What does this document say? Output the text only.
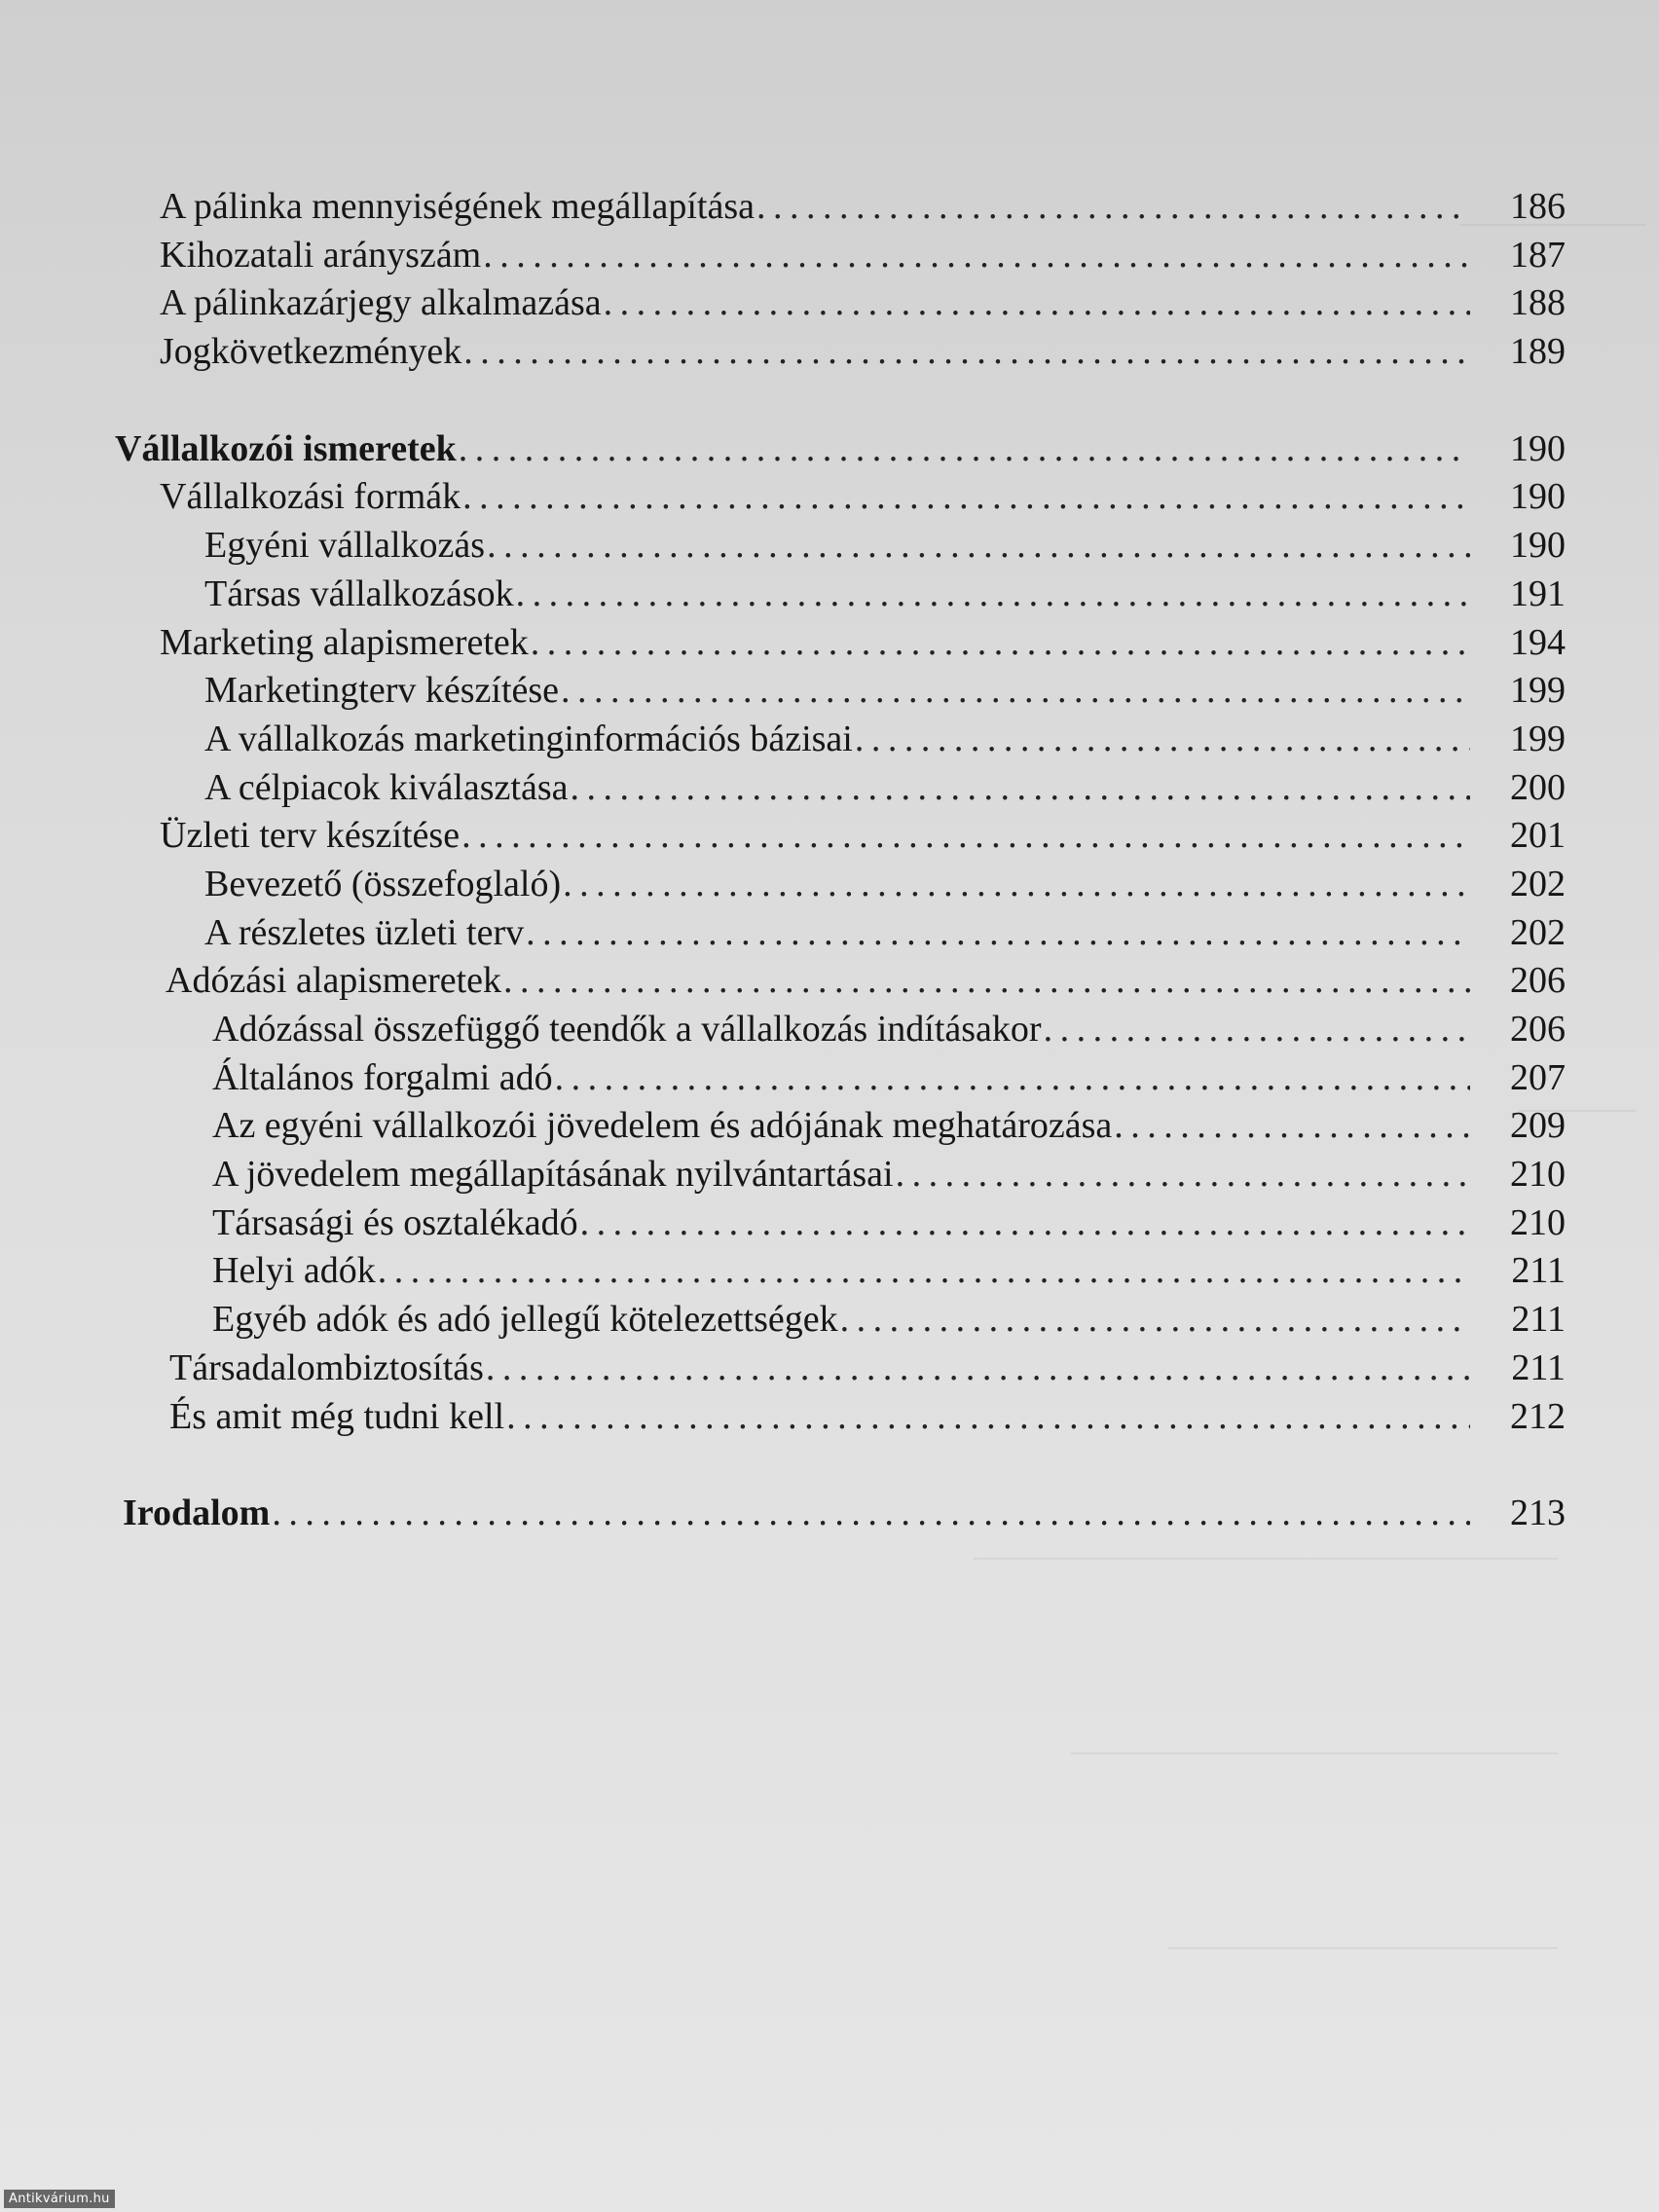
A pálinka mennyiségének megállapítása . . .	186
Kihozatali arányszám . . .	187
A pálinkazárjegy alkalmazása . . .	188
Jogkövetkezmények . . .	189
Vállalkozói ismeretek . . .	190
Vállalkozási formák . . .	190
Egyéni vállalkozás . . .	190
Társas vállalkozások . . .	191
Marketing alapismeretek . . .	194
Marketingterv készítése . . .	199
A vállalkozás marketinginformációs bázisai . . .	199
A célpiacok kiválasztása . . .	200
Üzleti terv készítése . . .	201
Bevezető (összefoglaló) . . .	202
A részletes üzleti terv . . .	202
Adózási alapismeretek . . .	206
Adózással összefüggő teendők a vállalkozás indításakor . . .	206
Általános forgalmi adó . . .	207
Az egyéni vállalkozói jövedelem és adójának meghatározása . . .	209
A jövedelem megállapításának nyilvántartásai . . .	210
Társasági és osztalékadó . . .	210
Helyi adók . . .	211
Egyéb adók és adó jellegű kötelezettségek . . .	211
Társadalombiztosítás . . .	211
És amit még tudni kell . . .	212
Irodalom . . .	213
Antikvárium.hu
